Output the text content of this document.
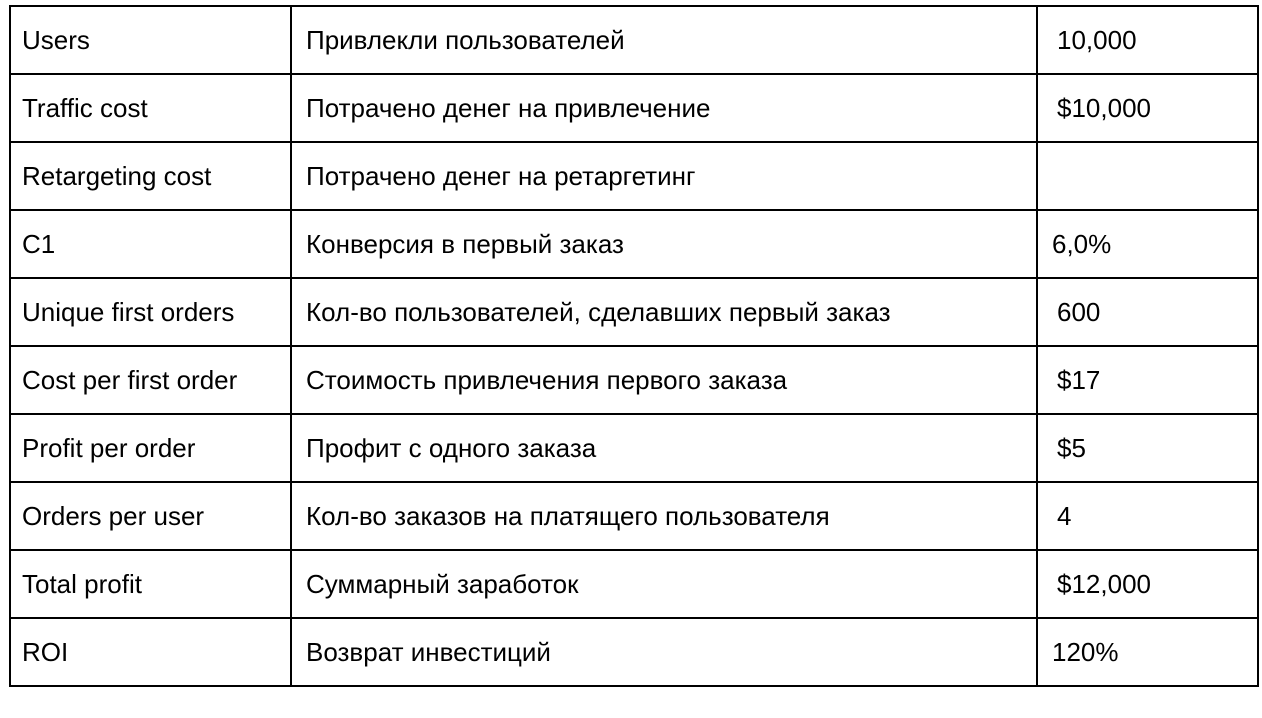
Users	Привлекли пользователей	10,000
Traffic cost	Потрачено денег на привлечение	$10,000
Retargeting cost	Потрачено денег на ретаргетинг	
C1	Конверсия в первый заказ	6,0%
Unique first orders	Кол-во пользователей, сделавших первый заказ	600
Cost per first order	Стоимость привлечения первого заказа	$17
Profit per order	Профит с одного заказа	$5
Orders per user	Кол-во заказов на платящего пользователя	4
Total profit	Суммарный заработок	$12,000
ROI	Возврат инвестиций	120%
